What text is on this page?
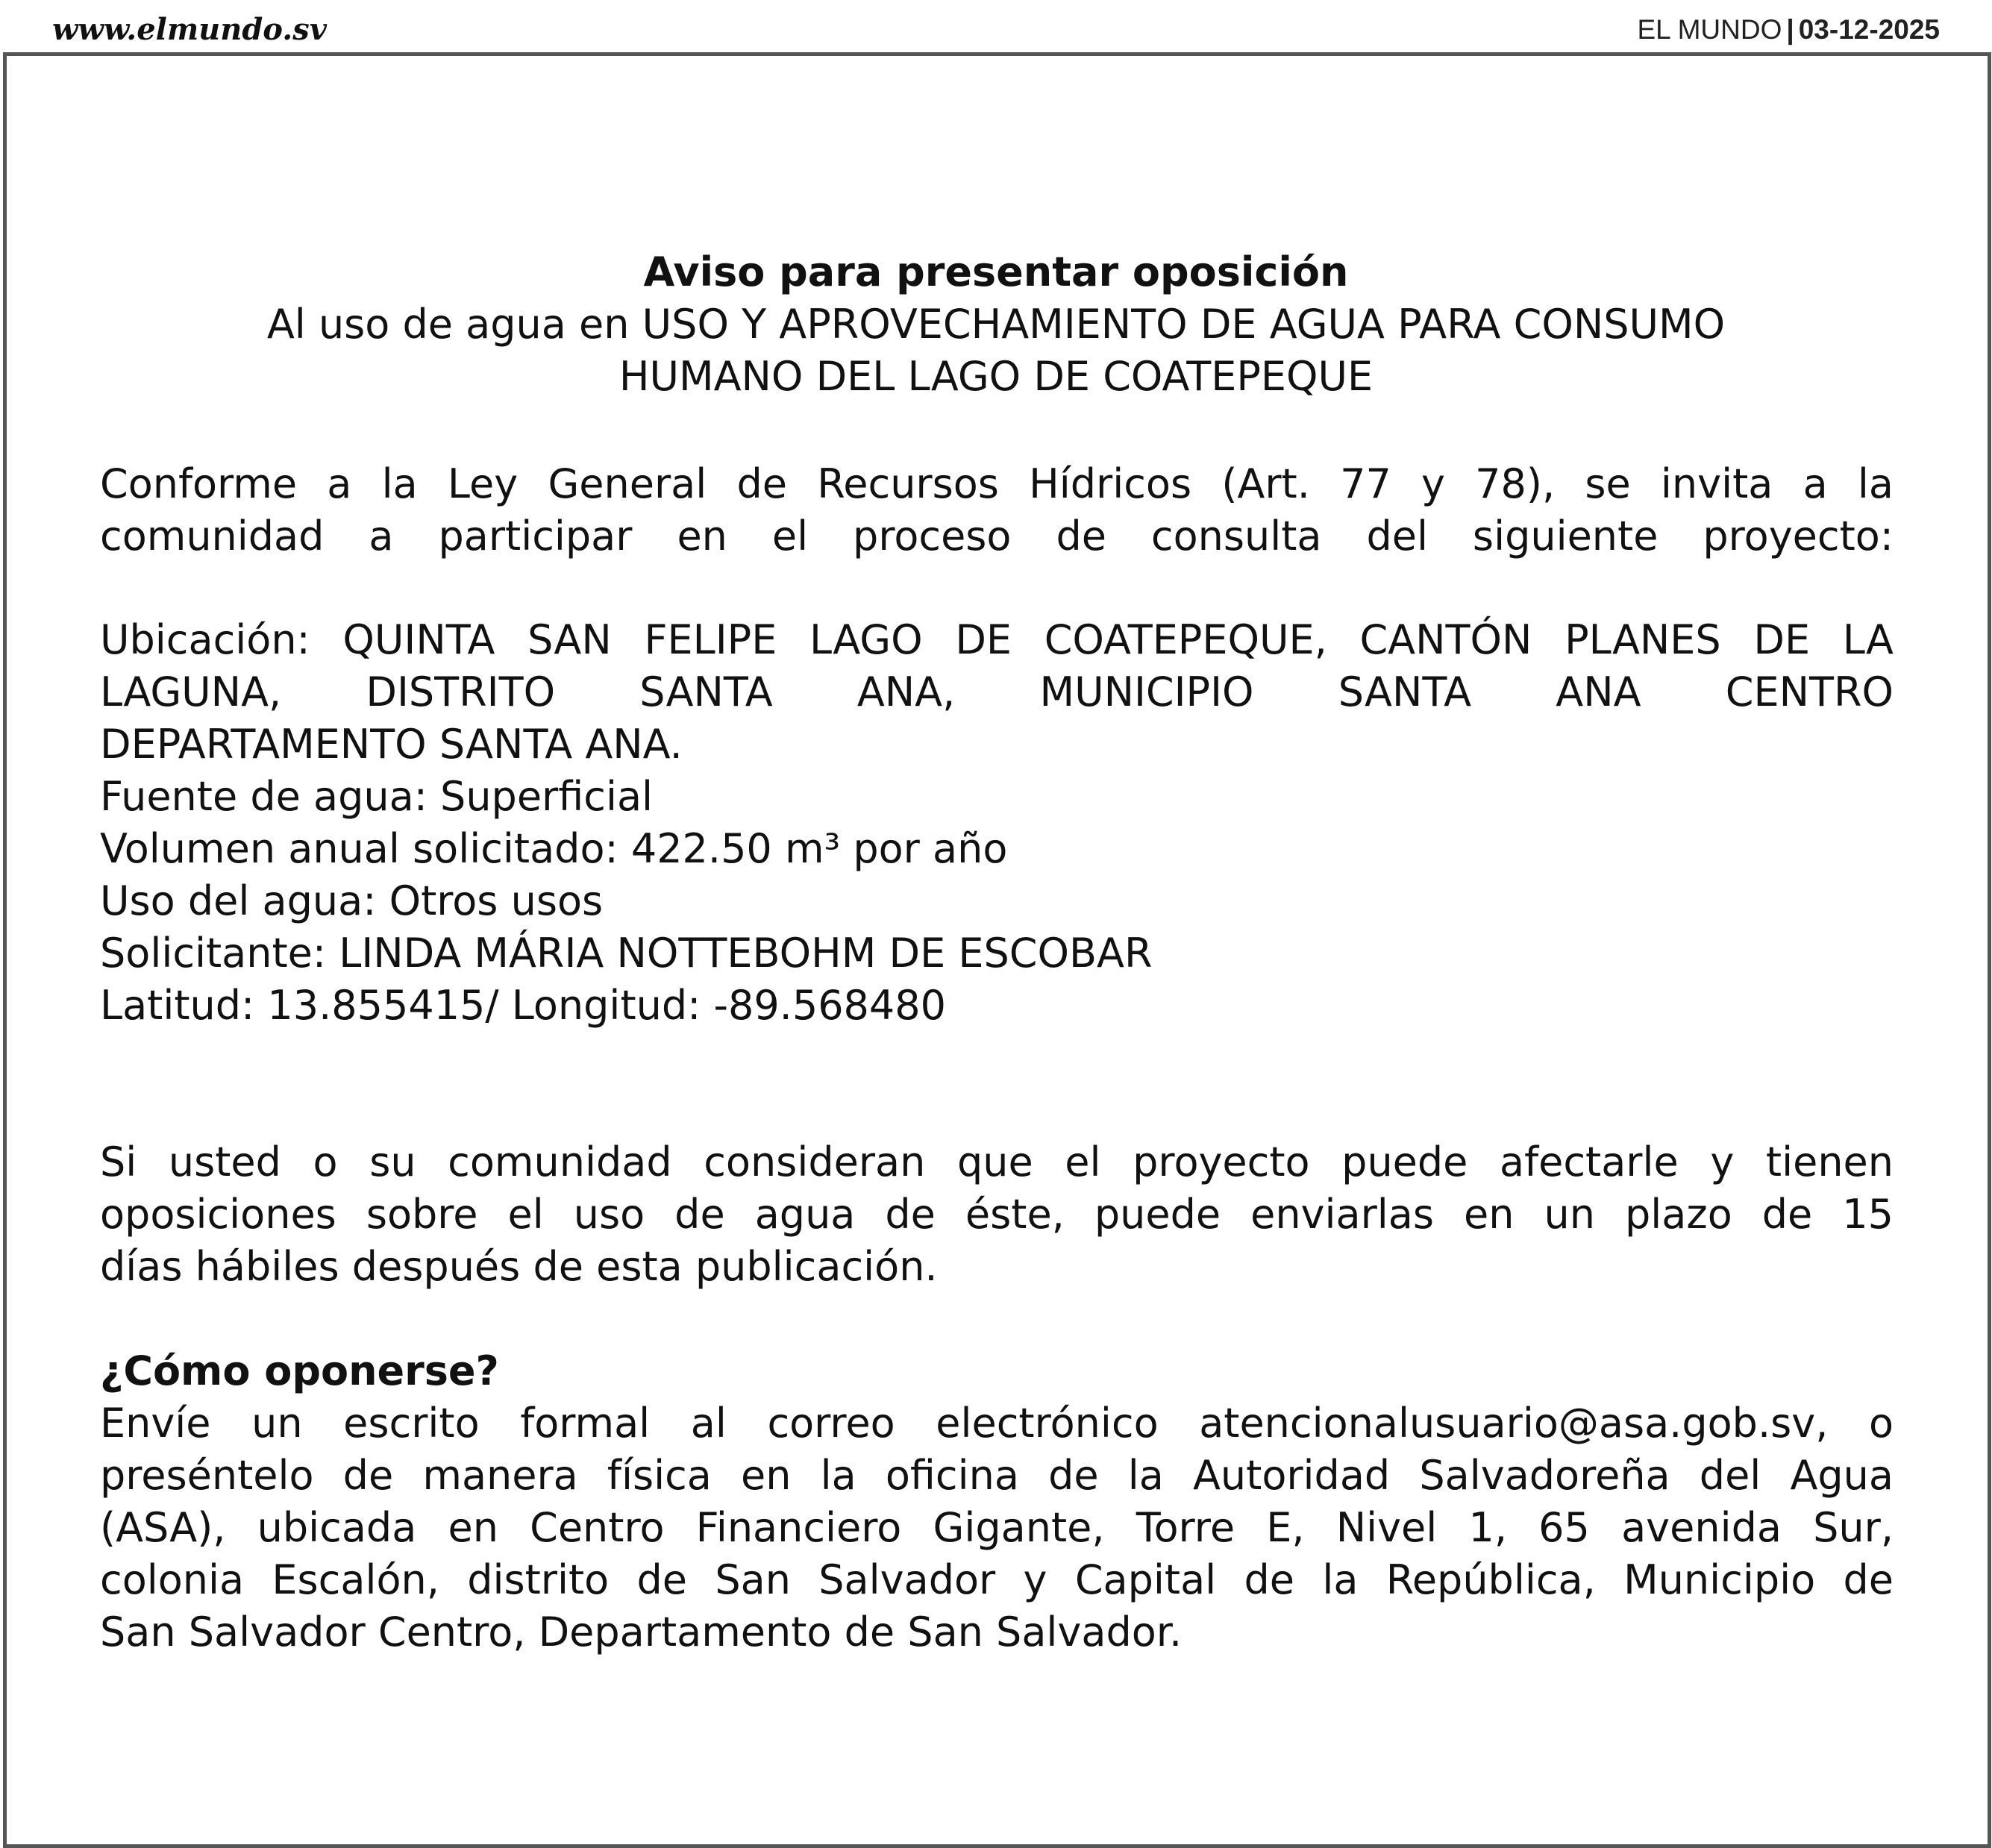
www.elmundo.sv	EL MUNDO | 03-12-2025
Aviso para presentar oposición
Al uso de agua en USO Y APROVECHAMIENTO DE AGUA PARA CONSUMO
HUMANO DEL LAGO DE COATEPEQUE
Conforme a la Ley General de Recursos Hídricos (Art. 77 y 78), se invita a la
comunidad a participar en el proceso de consulta del siguiente proyecto:
Ubicación: QUINTA SAN FELIPE LAGO DE COATEPEQUE, CANTÓN PLANES DE LA
LAGUNA, DISTRITO SANTA ANA, MUNICIPIO SANTA ANA CENTRO
DEPARTAMENTO SANTA ANA.
Fuente de agua: Superficial
Volumen anual solicitado: 422.50 m³ por año
Uso del agua: Otros usos
Solicitante: LINDA MÁRIA NOTTEBOHM DE ESCOBAR
Latitud: 13.855415/ Longitud: -89.568480
Si usted o su comunidad consideran que el proyecto puede afectarle y tienen
oposiciones sobre el uso de agua de éste, puede enviarlas en un plazo de 15
días hábiles después de esta publicación.
¿Cómo oponerse?
Envíe un escrito formal al correo electrónico atencionalusuario@asa.gob.sv, o
preséntelo de manera física en la oficina de la Autoridad Salvadoreña del Agua
(ASA), ubicada en Centro Financiero Gigante, Torre E, Nivel 1, 65 avenida Sur,
colonia Escalón, distrito de San Salvador y Capital de la República, Municipio de
San Salvador Centro, Departamento de San Salvador.
